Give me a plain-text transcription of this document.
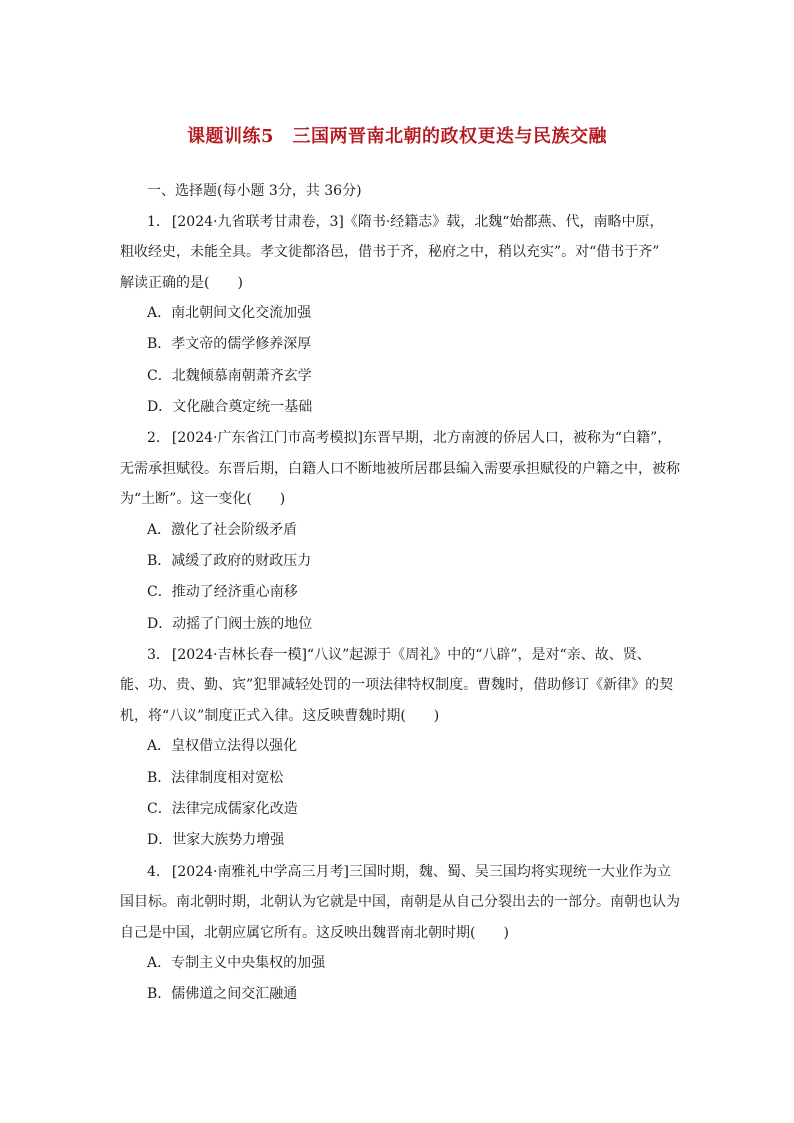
课题训练5　三国两晋南北朝的政权更迭与民族交融

一、选择题(每小题 3分，共 36分)

1． [2024·九省联考甘肃卷，3]《隋书·经籍志》载，北魏“始都燕、代，南略中原，
粗收经史，未能全具。孝文徙都洛邑，借书于齐，秘府之中，稍以充实”。对“借书于齐”
解读正确的是(　　)

A．南北朝间文化交流加强
B．孝文帝的儒学修养深厚
C．北魏倾慕南朝萧齐玄学
D．文化融合奠定统一基础

2． [2024·广东省江门市高考模拟]东晋早期，北方南渡的侨居人口，被称为“白籍”，
无需承担赋役。东晋后期，白籍人口不断地被所居郡县编入需要承担赋役的户籍之中，被称
为“土断”。这一变化(　　)

A．激化了社会阶级矛盾
B．减缓了政府的财政压力
C．推动了经济重心南移
D．动摇了门阀士族的地位

3． [2024·吉林长春一模]“八议”起源于《周礼》中的“八辟”，是对“亲、故、贤、
能、功、贵、勤、宾”犯罪减轻处罚的一项法律特权制度。曹魏时，借助修订《新律》的契
机，将“八议”制度正式入律。这反映曹魏时期(　　)

A．皇权借立法得以强化
B．法律制度相对宽松
C．法律完成儒家化改造
D．世家大族势力增强

4． [2024·南雅礼中学高三月考]三国时期，魏、蜀、吴三国均将实现统一大业作为立
国目标。南北朝时期，北朝认为它就是中国，南朝是从自己分裂出去的一部分。南朝也认为
自己是中国，北朝应属它所有。这反映出魏晋南北朝时期(　　)

A．专制主义中央集权的加强
B．儒佛道之间交汇融通
